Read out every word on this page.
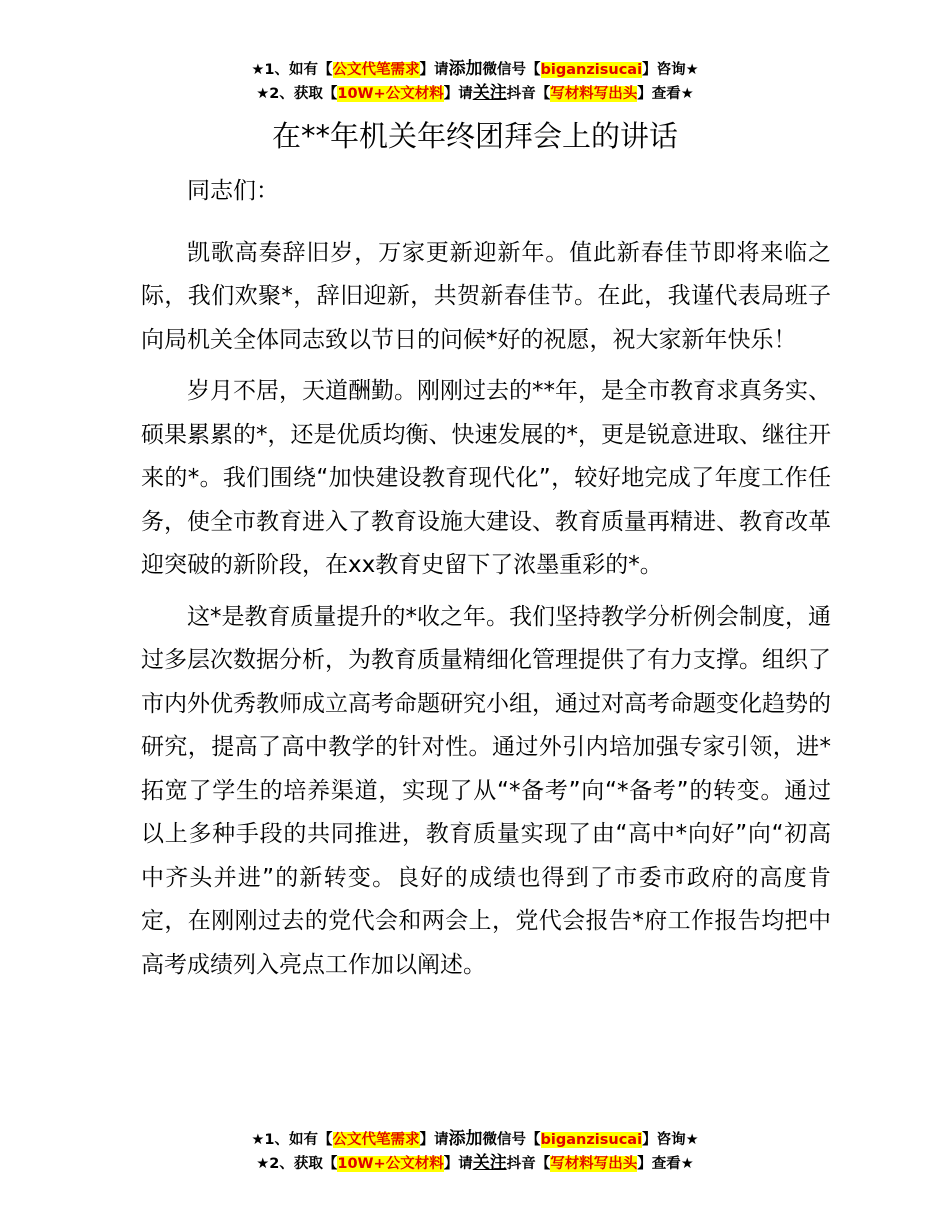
★1、如有【公文代笔需求】请添加微信号【biganzisucai】咨询★
★2、获取【10W+公文材料】请关注抖音【写材料写出头】查看★
在**年机关年终团拜会上的讲话

同志们：

凯歌高奏辞旧岁，万家更新迎新年。值此新春佳节即将来临之际，我们欢聚*，辞旧迎新，共贺新春佳节。在此，我谨代表局班子向局机关全体同志致以节日的问候*好的祝愿，祝大家新年快乐！

岁月不居，天道酬勤。刚刚过去的**年，是全市教育求真务实、硕果累累的*，还是优质均衡、快速发展的*，更是锐意进取、继往开来的*。我们围绕“加快建设教育现代化”，较好地完成了年度工作任务，使全市教育进入了教育设施大建设、教育质量再精进、教育改革迎突破的新阶段，在xx教育史留下了浓墨重彩的*。

这*是教育质量提升的*收之年。我们坚持教学分析例会制度，通过多层次数据分析，为教育质量精细化管理提供了有力支撑。组织了市内外优秀教师成立高考命题研究小组，通过对高考命题变化趋势的研究，提高了高中教学的针对性。通过外引内培加强专家引领，进*拓宽了学生的培养渠道，实现了从“*备考”向“*备考”的转变。通过以上多种手段的共同推进，教育质量实现了由“高中*向好”向“初高中齐头并进”的新转变。良好的成绩也得到了市委市政府的高度肯定，在刚刚过去的党代会和两会上，党代会报告*府工作报告均把中高考成绩列入亮点工作加以阐述。

★1、如有【公文代笔需求】请添加微信号【biganzisucai】咨询★
★2、获取【10W+公文材料】请关注抖音【写材料写出头】查看★
